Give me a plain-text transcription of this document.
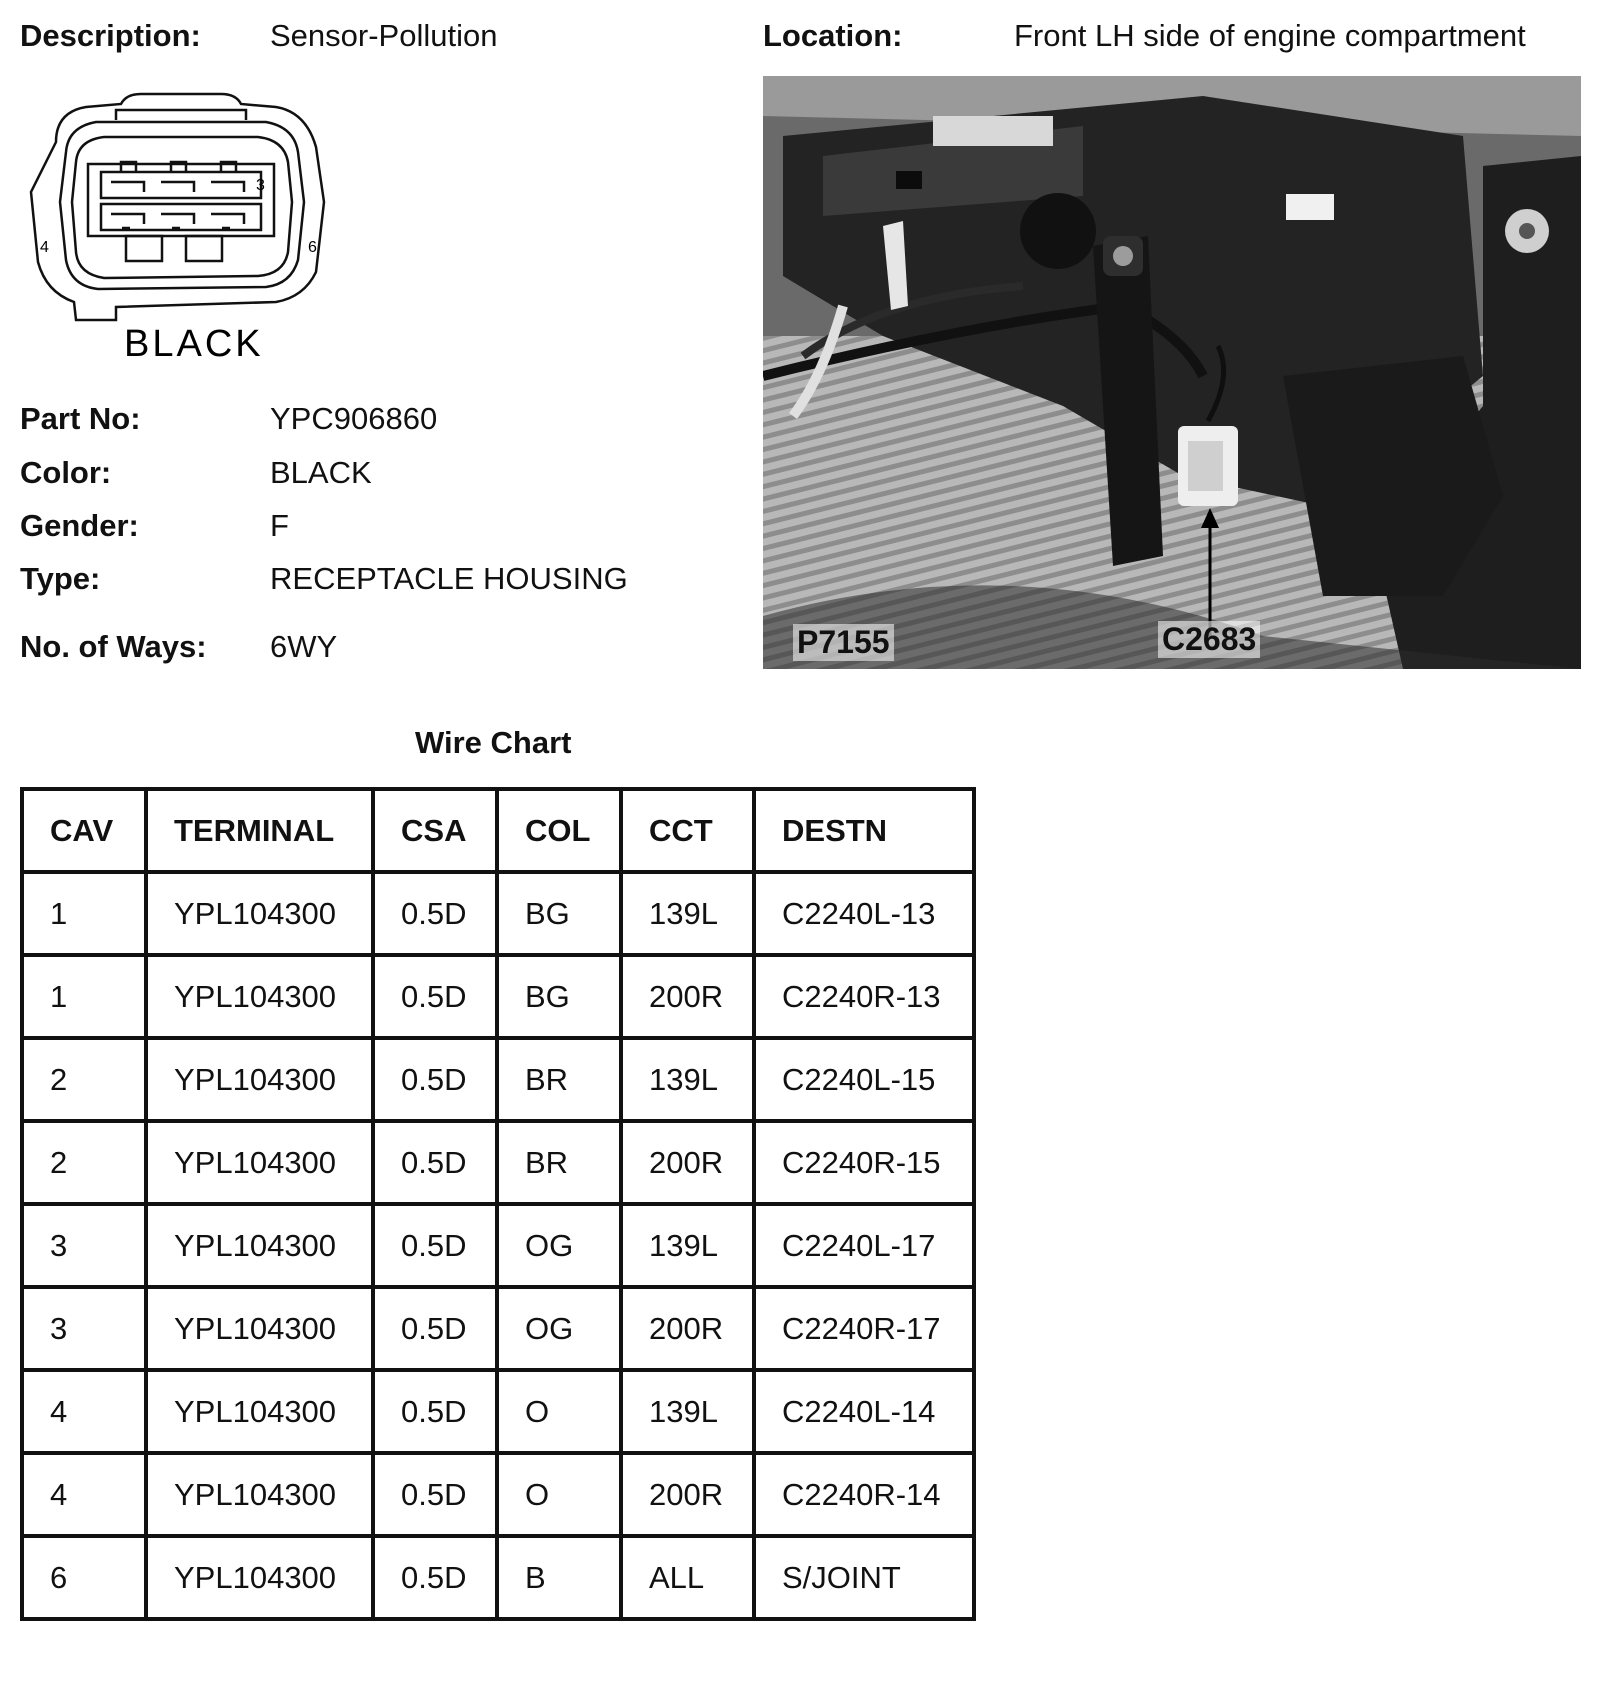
Description: Sensor-Pollution	Location:	Front LH side of engine compartment
3
4	6
BLACK
P7155	C2683
Part No:	YPC906860
Color:	BLACK
Gender:	F
Type:	RECEPTACLE HOUSING
No. of Ways: 6WY
Wire Chart
CAV	TERMINAL	CSA	COL	CCT	DESTN
1	YPL104300	0.5D	BG	139L	C2240L-13
1	YPL104300	0.5D	BG	200R	C2240R-13
2	YPL104300	0.5D	BR	139L	C2240L-15
2	YPL104300	0.5D	BR	200R	C2240R-15
3	YPL104300	0.5D	OG	139L	C2240L-17
3	YPL104300	0.5D	OG	200R	C2240R-17
4	YPL104300	0.5D	O	139L	C2240L-14
4	YPL104300	0.5D	O	200R	C2240R-14
6	YPL104300	0.5D	B	ALL	S/JOINT
